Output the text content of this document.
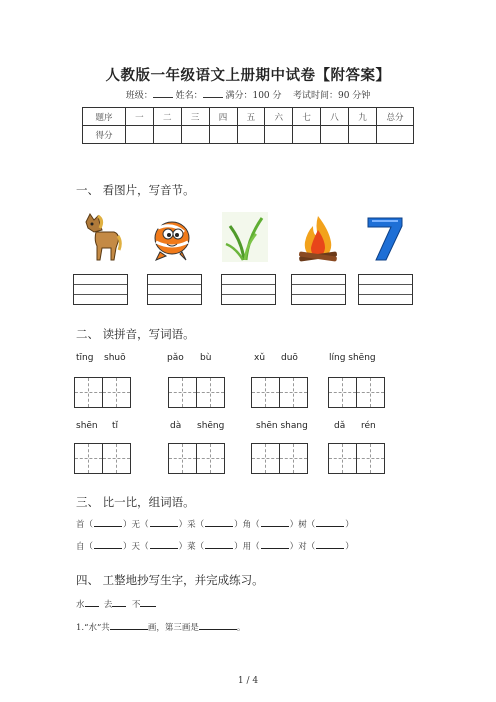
人教版一年级语文上册期中试卷【附答案】
班级：	姓名：	满分：100 分 考试时间：90 分钟
题序	一	二	三	四	五	六	七	八	九	总分
得分										
一、 看图片，写音节。
二、 读拼音，写词语。
tīng shuō	pǎo bù	xǔ duō	líng shēng
shēn tǐ	dà shēng	shēn shang	dǎ rén
三、 比一比，组词语。
首（	）无（	）采（	）角（	）树（	）
自（	）天（	）菜（	）用（	）对（	）
四、 工整地抄写生字，并完成练习。
水 去 不
1.“水”共	画，第三画是	。
1 / 4
